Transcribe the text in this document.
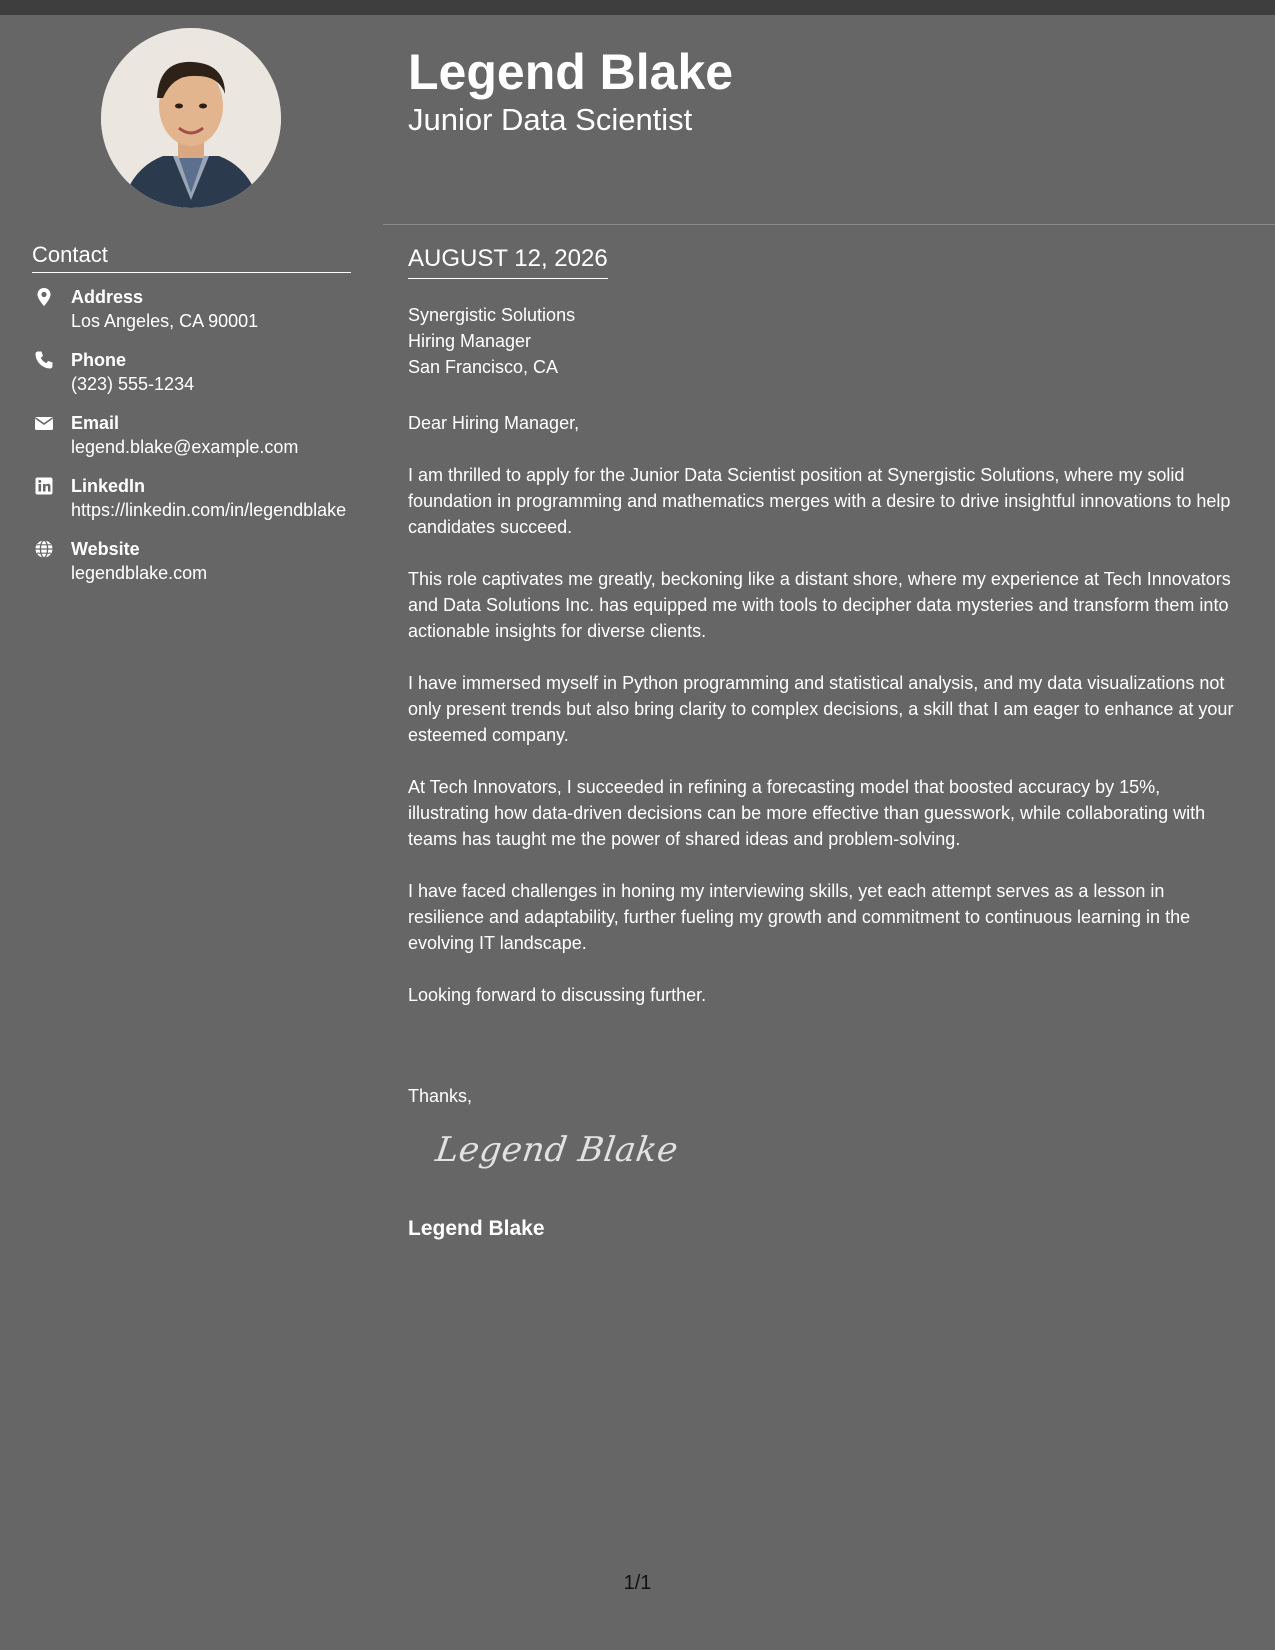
Contact
Address
Los Angeles, CA 90001
Phone
(323) 555-1234
Email
legend.blake@example.com
LinkedIn
https://linkedin.com/in/legendblake
Website
legendblake.com
Legend Blake
Junior Data Scientist
AUGUST 12, 2026
Synergistic Solutions
Hiring Manager
San Francisco, CA

Dear Hiring Manager,

I am thrilled to apply for the Junior Data Scientist position at Synergistic Solutions, where my solid foundation in programming and mathematics merges with a desire to drive insightful innovations to help candidates succeed.

This role captivates me greatly, beckoning like a distant shore, where my experience at Tech Innovators and Data Solutions Inc. has equipped me with tools to decipher data mysteries and transform them into actionable insights for diverse clients.

I have immersed myself in Python programming and statistical analysis, and my data visualizations not only present trends but also bring clarity to complex decisions, a skill that I am eager to enhance at your esteemed company.

At Tech Innovators, I succeeded in refining a forecasting model that boosted accuracy by 15%, illustrating how data-driven decisions can be more effective than guesswork, while collaborating with teams has taught me the power of shared ideas and problem-solving.

I have faced challenges in honing my interviewing skills, yet each attempt serves as a lesson in resilience and adaptability, further fueling my growth and commitment to continuous learning in the evolving IT landscape.

Looking forward to discussing further.

Thanks,
Legend Blake
Legend Blake
1/1
